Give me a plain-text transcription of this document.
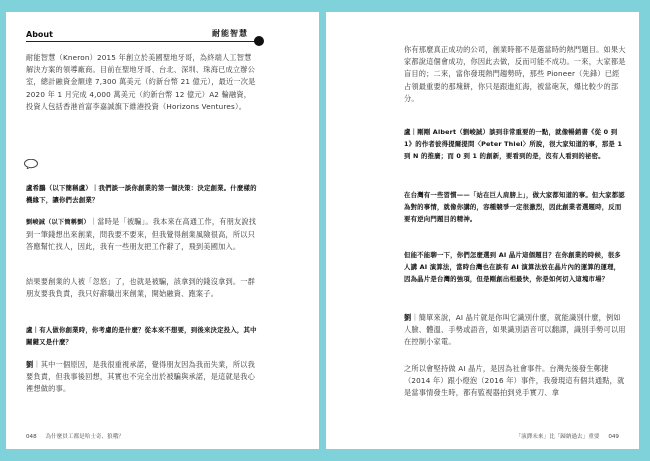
About	耐能智慧
耐能智慧（Kneron）2015 年創立於美國聖地牙哥，為終端人工智慧解決方案的領導廠商。目前在聖地牙哥、台北、深圳、珠海已成立辦公室，總計融資金額達 7,300 萬美元（約新台幣 21 億元），最近一次是 2020 年 1 月完成 4,000 萬美元（約新台幣 12 億元）A2 輪融資，投資人包括香港首富李嘉誠旗下維港投資（Horizons Ventures）。
盧希鵬（以下簡稱盧）｜我們談一談你創業的第一個決策：決定創業。什麼樣的機緣下，讓你們去創業？
劉峻誠（以下簡稱劉）｜當時是「被騙」。我本來在高通工作，有朋友說找到一筆錢想出來創業，問我要不要來，但我覺得創業風險很高，所以只答應幫忙找人，因此，我有一些朋友把工作辭了，飛到美國加入。
結果要創業的人被「忽悠」了，也就是被騙，該拿到的錢沒拿到。一群朋友要我負責，我只好辭職出來創業，開始融資、跑案子。
盧｜有人做你創業時，你考慮的是什麼？從本來不想要，到後來決定投入，其中關鍵又是什麼？
劉｜其中一個原因，是我很重視承諾，覺得朋友因為我而失業，所以我要負責，但我事後回想，其實也不完全出於被騙與承諾，是這就是我心裡想做的事。
048 為什麼員工都是哈士奇、狼哦？
你有那麼真正成功的公司，創業時都不是選當時的熱門題目。如果大家都說這個會成功，你因此去做，反而可能不成功。一來，大家都是盲目的；二來，當你發現熱門趨勢時，那些 Pioneer（先鋒）已經占領最重要的那塊餅，你只是跟進紅海，被當砲灰，爆比較少的部分。
盧｜剛剛 Albert（劉峻誠）談到非常重要的一點，就像暢銷書《從 0 到 1》的作者彼得提爾提問〈Peter Thiel〉所說，很大家知道的事，那是 1 到 N 的推廣；而 0 到 1 的創新，要看到的是，沒有人看到的祕密。
在台灣有一些習慣——「站在巨人肩膀上」，做大家都知道的事。但大家都認為對的事情，就像你講的，容種競爭一定很激烈，因此創業者選題時，反而要有逆向門題目的精神。
但能不能聊一下，你們怎麼選到 AI 晶片這個題目？在你創業的時候，很多人講 AI 演算法，當時台灣也在談有 AI 演算法放在晶片內的運算的運理，因為晶片是台灣的強項，但是剛創出相最快，你是如何切入這塊市場？
劉｜簡單來說，AI 晶片就是你叫它識別什麼，就能識別什麼，例如人臉、體溫、手勢或語音，如果識別語音可以翻譯，識別手勢可以用在控制小家電。
之所以會堅持做 AI 晶片，是因為社會事件。台灣先後發生鄭捷（2014 年）跟小燈泡（2016 年）事件，我發現這有個共通點，就是當事情發生時，都有監視器拍到兇手實刀、拿
「演繹未來」比「歸納過去」重要 049
